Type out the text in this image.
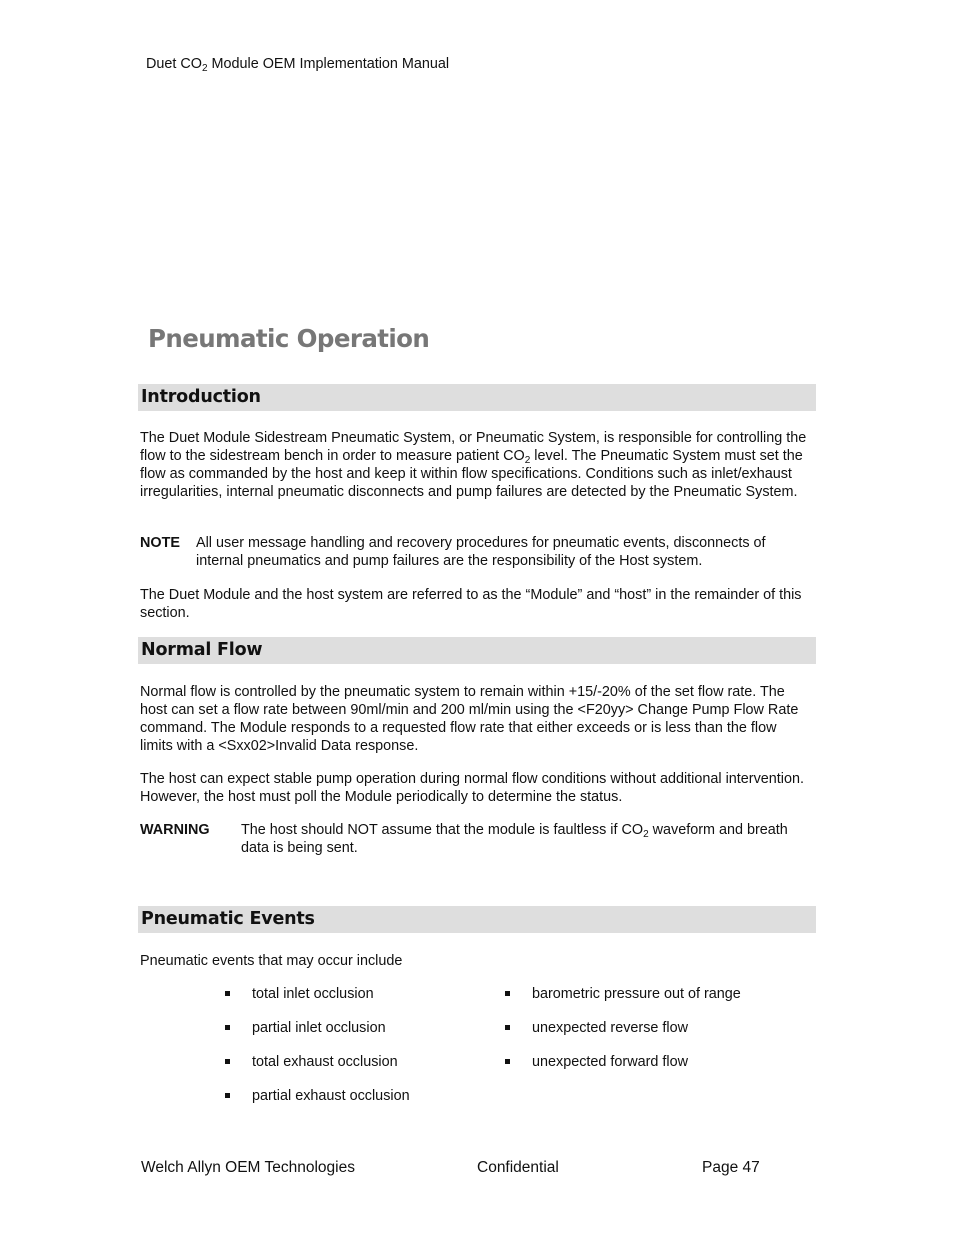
Duet $CO_2$ Module OEM Implementation Manual
Pneumatic Operation
Introduction
The Duet Module Sidestream Pneumatic System, or Pneumatic System, is responsible for controlling the flow to the sidestream bench in order to measure patient $CO_2$ level. The Pneumatic System must set the flow as commanded by the host and keep it within flow specifications. Conditions such as inlet/exhaust irregularities, internal pneumatic disconnects and pump failures are detected by the Pneumatic System.
NOTE All user message handling and recovery procedures for pneumatic events, disconnects of internal pneumatics and pump failures are the responsibility of the Host system.
The Duet Module and the host system are referred to as the “Module” and “host” in the remainder of this section.
Normal Flow
Normal flow is controlled by the pneumatic system to remain within +15/-20% of the set flow rate. The host can set a flow rate between 90ml/min and 200 ml/min using the <F20yy> Change Pump Flow Rate command. The Module responds to a requested flow rate that either exceeds or is less than the flow limits with a <Sxx02>Invalid Data response.
The host can expect stable pump operation during normal flow conditions without additional intervention. However, the host must poll the Module periodically to determine the status.
WARNING The host should NOT assume that the module is faultless if $CO_2$ waveform and breath data is being sent.
Pneumatic Events
Pneumatic events that may occur include
total inlet occlusion
partial inlet occlusion
total exhaust occlusion
partial exhaust occlusion
barometric pressure out of range
unexpected reverse flow
unexpected forward flow
Welch Allyn OEM Technologies	Confidential	Page 47
